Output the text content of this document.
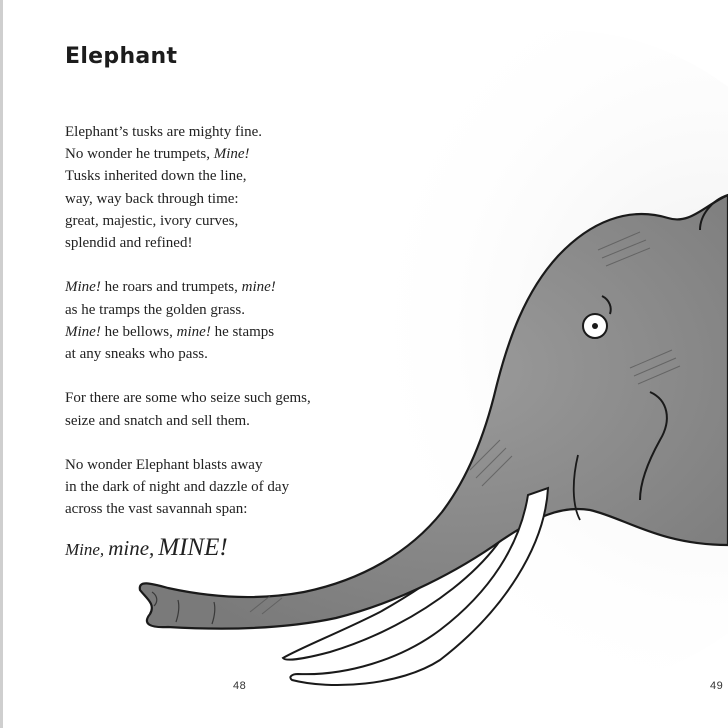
Elephant
Elephant’s tusks are mighty fine.
No wonder he trumpets, Mine!
Tusks inherited down the line,
way, way back through time:
great, majestic, ivory curves,
splendid and refined!
Mine! he roars and trumpets, mine!
as he tramps the golden grass.
Mine! he bellows, mine! he stamps
at any sneaks who pass.
For there are some who seize such gems,
seize and snatch and sell them.
No wonder Elephant blasts away
in the dark of night and dazzle of day
across the vast savannah span:
Mine, mine, MINE!
48	49
